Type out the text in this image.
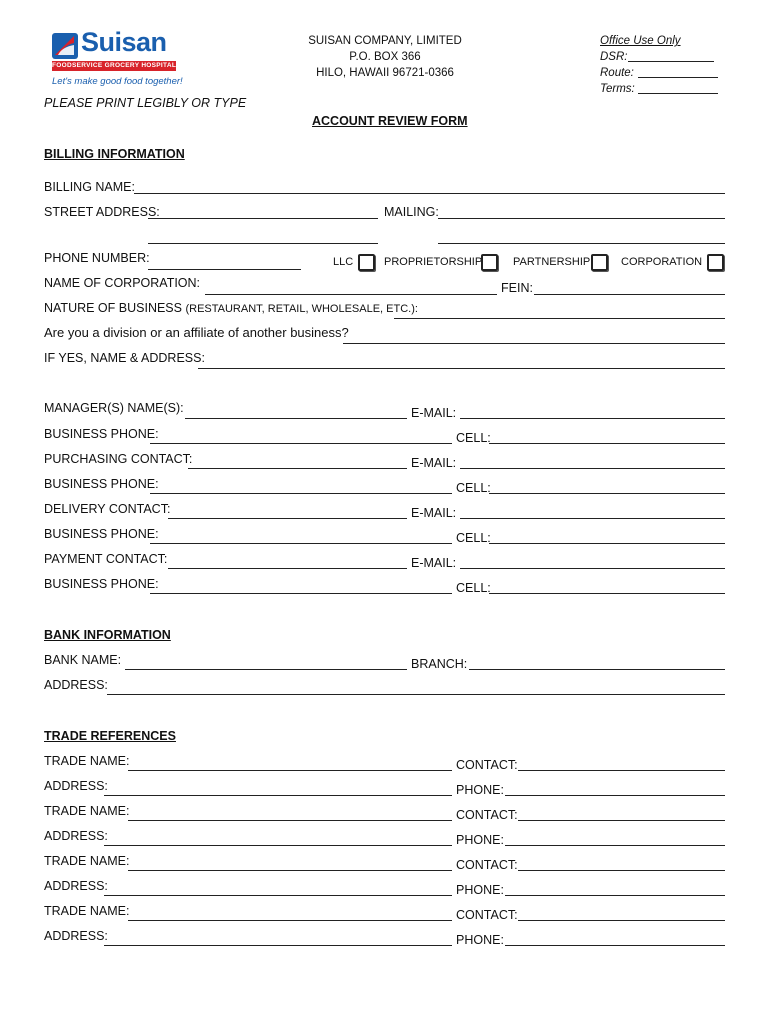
Suisan
FOODSERVICE GROCERY HOSPITALITY
Let's make good food together!
SUISAN COMPANY, LIMITED
P.O. BOX 366
HILO, HAWAII 96721-0366
Office Use Only
DSR:
Route:
Terms:
PLEASE PRINT LEGIBLY OR TYPE
ACCOUNT REVIEW FORM
BILLING INFORMATION
BILLING NAME:
STREET ADDRESS:	MAILING:
PHONE NUMBER:	LLC	PROPRIETORSHIP	PARTNERSHIP	CORPORATION
NAME OF CORPORATION:	FEIN:
NATURE OF BUSINESS (RESTAURANT, RETAIL, WHOLESALE, ETC.):
Are you a division or an affiliate of another business?
IF YES, NAME & ADDRESS:
MANAGER(S) NAME(S):	E-MAIL:
BUSINESS PHONE:	CELL:
PURCHASING CONTACT:	E-MAIL:
BUSINESS PHONE:	CELL:
DELIVERY CONTACT:	E-MAIL:
BUSINESS PHONE:	CELL:
PAYMENT CONTACT:	E-MAIL:
BUSINESS PHONE:	CELL:
BANK INFORMATION
BANK NAME:	BRANCH:
ADDRESS:
TRADE REFERENCES
TRADE NAME:	CONTACT:
ADDRESS:	PHONE:
TRADE NAME:	CONTACT:
ADDRESS:	PHONE:
TRADE NAME:	CONTACT:
ADDRESS:	PHONE:
TRADE NAME:	CONTACT:
ADDRESS:	PHONE:
